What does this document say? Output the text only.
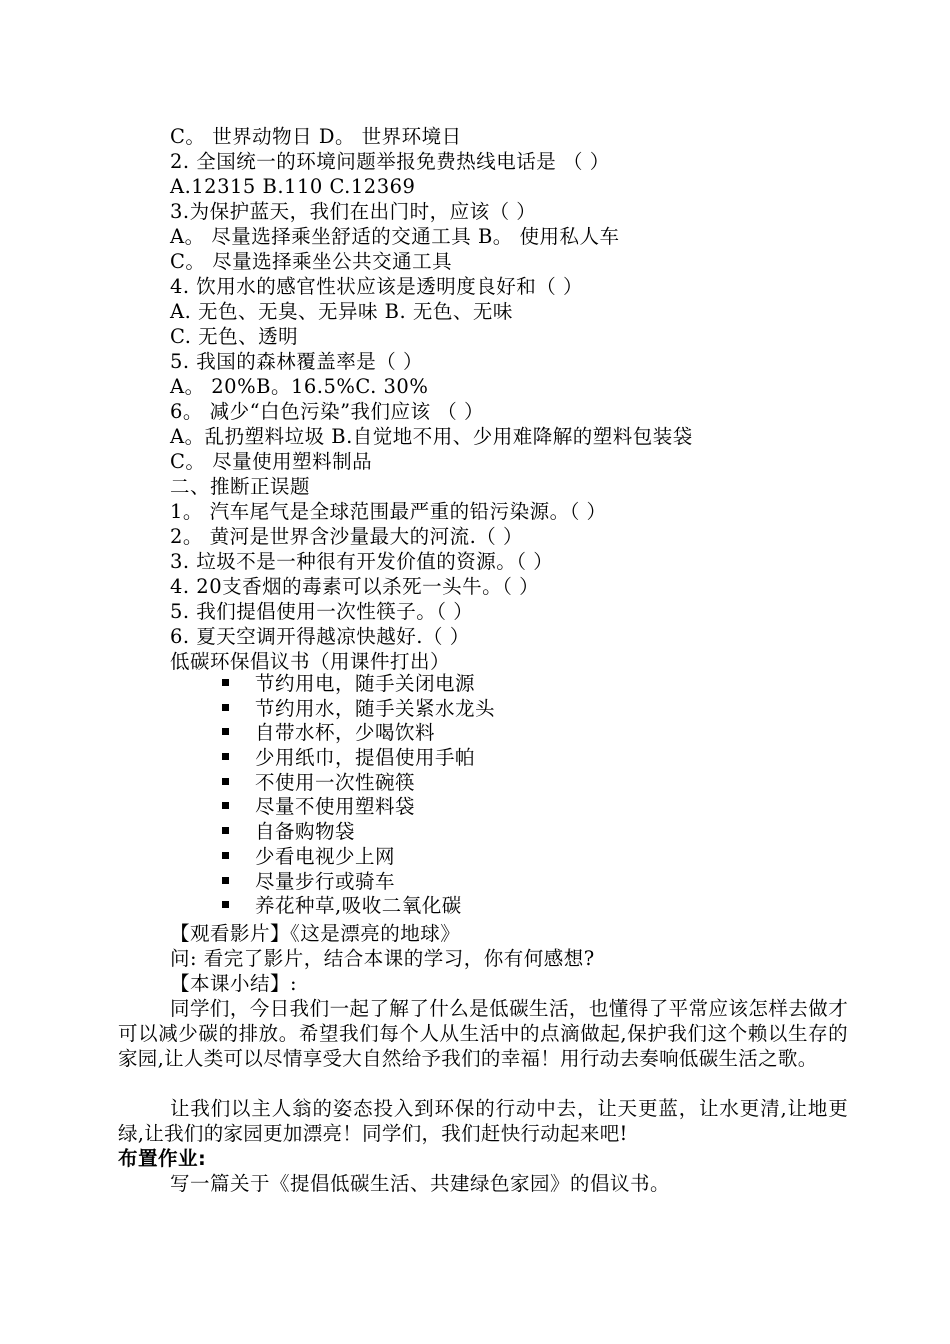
C。 世界动物日 D。 世界环境日
2. 全国统一的环境问题举报免费热线电话是 （ ）
A.12315 B.110 C.12369
3.为保护蓝天，我们在出门时，应该（ ）
A。 尽量选择乘坐舒适的交通工具 B。 使用私人车
C。 尽量选择乘坐公共交通工具
4. 饮用水的感官性状应该是透明度良好和（ ）
A. 无色、无臭、无异味 B. 无色、无味
C. 无色、透明
5. 我国的森林覆盖率是（ ）
A。 20%B。16.5%C. 30%
6。 减少“白色污染”我们应该 （ ）
A。乱扔塑料垃圾 B.自觉地不用、少用难降解的塑料包装袋
C。 尽量使用塑料制品
二、推断正误题
1。 汽车尾气是全球范围最严重的铅污染源。（ ）
2。 黄河是世界含沙量最大的河流.（ ）
3. 垃圾不是一种很有开发价值的资源。（ ）
4. 20支香烟的毒素可以杀死一头牛。（ ）
5. 我们提倡使用一次性筷子。（ ）
6. 夏天空调开得越凉快越好.（ ）
低碳环保倡议书（用课件打出）
节约用电，随手关闭电源
节约用水，随手关紧水龙头
自带水杯，少喝饮料
少用纸巾，提倡使用手帕
不使用一次性碗筷
尽量不使用塑料袋
自备购物袋
少看电视少上网
尽量步行或骑车
养花种草,吸收二氧化碳
【观看影片】《这是漂亮的地球》
问: 看完了影片，结合本课的学习，你有何感想?
【本课小结】:
同学们，今日我们一起了解了什么是低碳生活，也懂得了平常应该怎样去做才可以减少碳的排放。希望我们每个人从生活中的点滴做起,保护我们这个赖以生存的家园,让人类可以尽情享受大自然给予我们的幸福！用行动去奏响低碳生活之歌。
让我们以主人翁的姿态投入到环保的行动中去，让天更蓝，让水更清,让地更绿,让我们的家园更加漂亮！同学们，我们赶快行动起来吧!
布置作业:
写一篇关于《提倡低碳生活、共建绿色家园》的倡议书。
